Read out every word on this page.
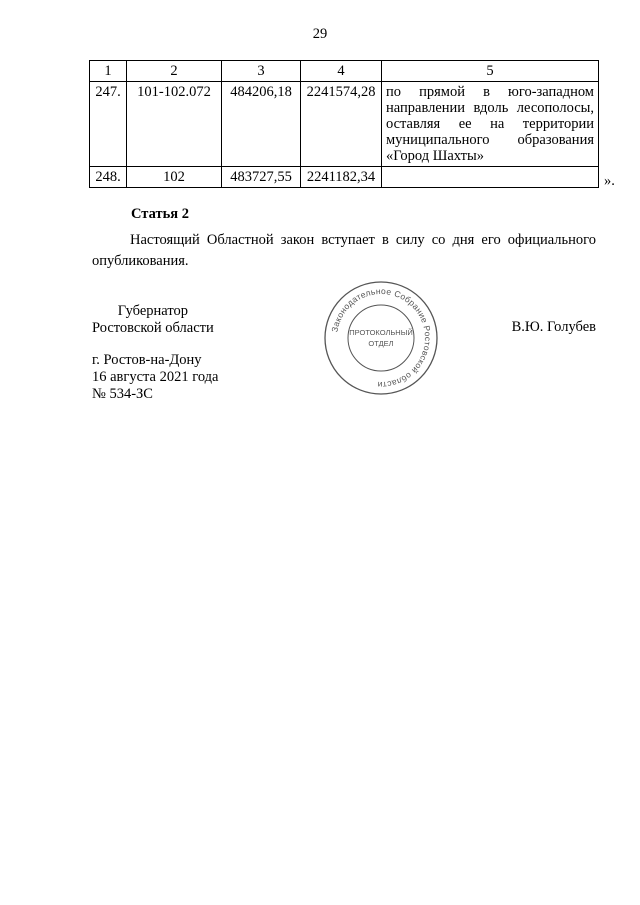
29
1	2	3	4	5
247.	101-102.072	484206,18	2241574,28	по прямой в юго-западном направлении вдоль лесополосы, оставляя ее на территории муниципального образования «Город Шахты»
248.	102	483727,55	2241182,34		».
Статья 2
Настоящий Областной закон вступает в силу со дня его официального опубликования.
Губернатор
Ростовской области	В.Ю. Голубев
г. Ростов-на-Дону
16 августа 2021 года
№ 534-ЗС
Законодательное Собрание Ростовской области
ПРОТОКОЛЬНЫЙ
ОТДЕЛ
